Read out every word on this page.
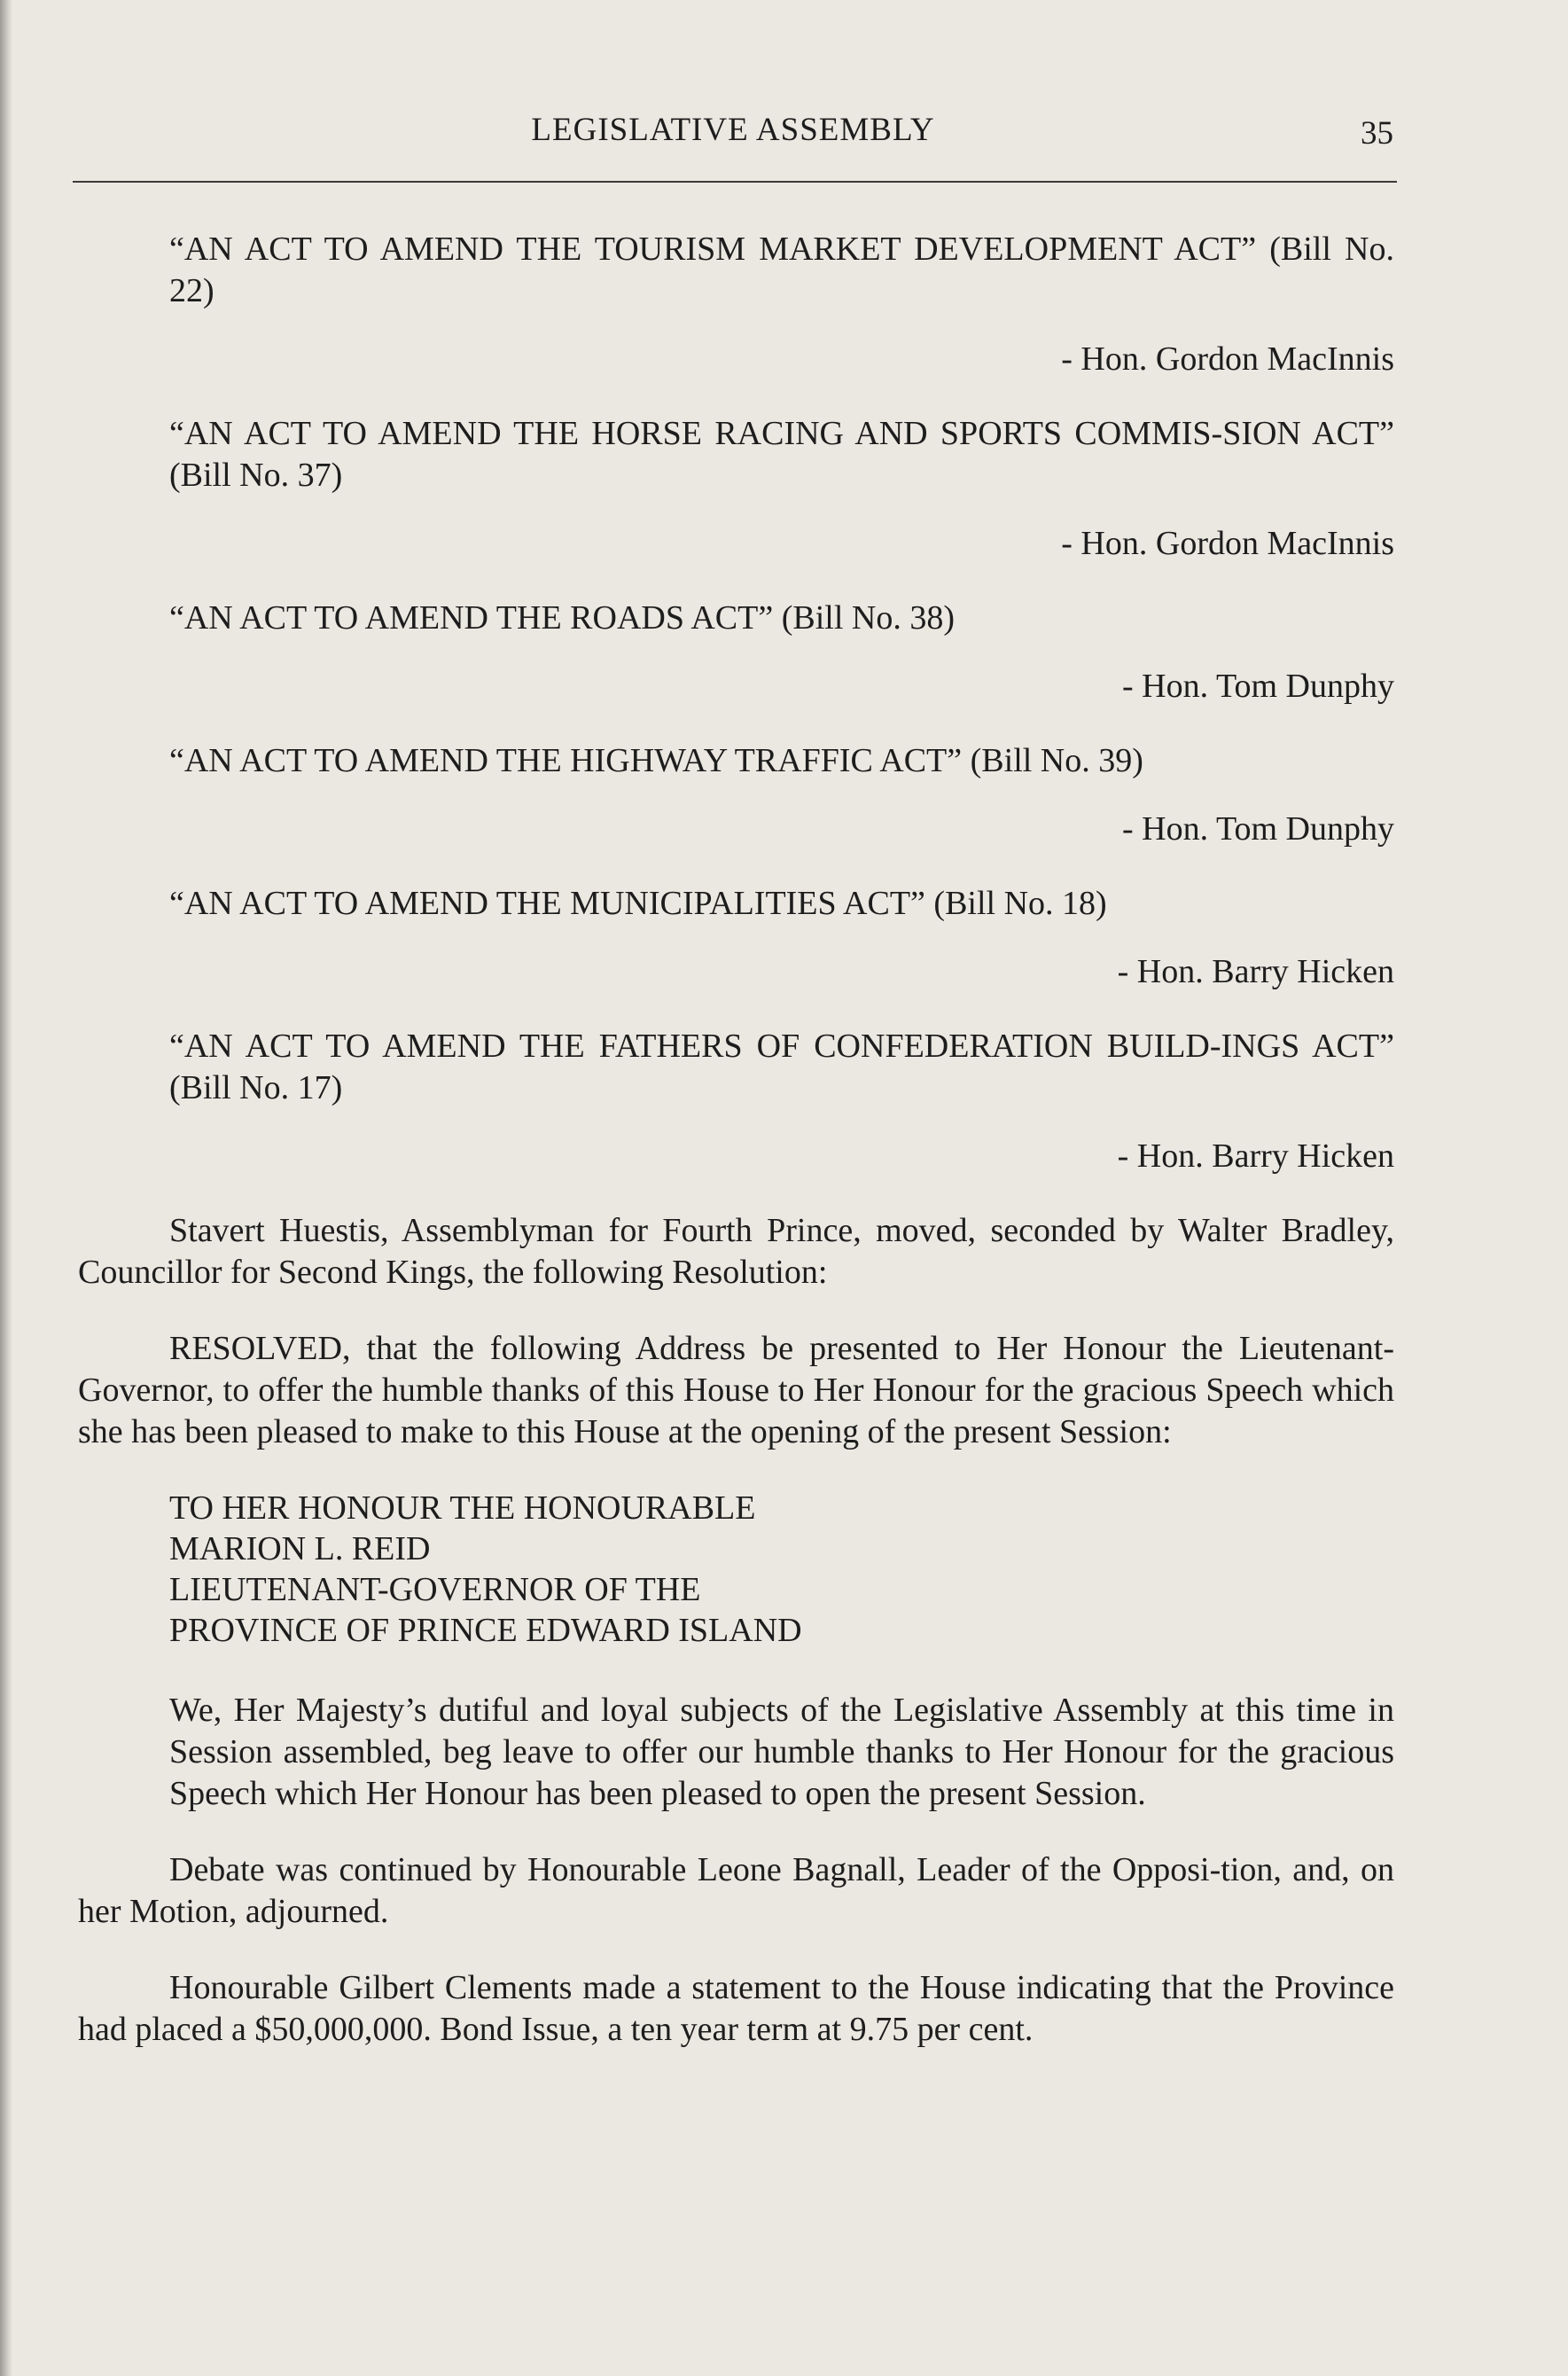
LEGISLATIVE ASSEMBLY	35

“AN ACT TO AMEND THE TOURISM MARKET DEVELOPMENT ACT” (Bill No. 22)

- Hon. Gordon MacInnis

“AN ACT TO AMEND THE HORSE RACING AND SPORTS COMMIS-SION ACT” (Bill No. 37)

- Hon. Gordon MacInnis

“AN ACT TO AMEND THE ROADS ACT” (Bill No. 38)

- Hon. Tom Dunphy

“AN ACT TO AMEND THE HIGHWAY TRAFFIC ACT” (Bill No. 39)

- Hon. Tom Dunphy

“AN ACT TO AMEND THE MUNICIPALITIES ACT” (Bill No. 18)

- Hon. Barry Hicken

“AN ACT TO AMEND THE FATHERS OF CONFEDERATION BUILD-INGS ACT” (Bill No. 17)

- Hon. Barry Hicken

Stavert Huestis, Assemblyman for Fourth Prince, moved, seconded by Walter Bradley, Councillor for Second Kings, the following Resolution:

RESOLVED, that the following Address be presented to Her Honour the Lieutenant-Governor, to offer the humble thanks of this House to Her Honour for the gracious Speech which she has been pleased to make to this House at the opening of the present Session:

TO HER HONOUR THE HONOURABLE
MARION L. REID
LIEUTENANT-GOVERNOR OF THE
PROVINCE OF PRINCE EDWARD ISLAND

We, Her Majesty’s dutiful and loyal subjects of the Legislative Assembly at this time in Session assembled, beg leave to offer our humble thanks to Her Honour for the gracious Speech which Her Honour has been pleased to open the present Session.

Debate was continued by Honourable Leone Bagnall, Leader of the Opposi-tion, and, on her Motion, adjourned.

Honourable Gilbert Clements made a statement to the House indicating that the Province had placed a $50,000,000. Bond Issue, a ten year term at 9.75 per cent.
